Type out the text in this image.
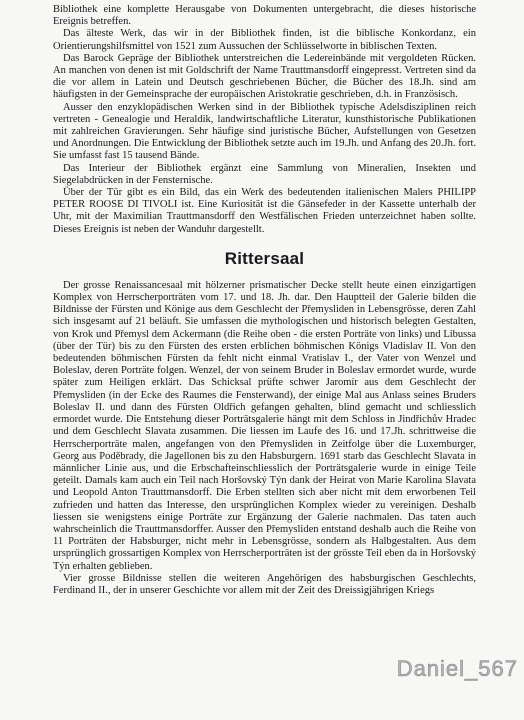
Bibliothek eine komplette Herausgabe von Dokumenten untergebracht, die dieses historische Ereignis betreffen.

Das älteste Werk, das wir in der Bibliothek finden, ist die biblische Konkordanz, ein Orientierungshilfsmittel von 1521 zum Aussuchen der Schlüsselworte in biblischen Texten.

Das Barock Gepräge der Bibliothek unterstreichen die Ledereinbände mit vergoldeten Rücken. An manchen von denen ist mit Goldschrift der Name Trauttmansdorff eingepresst. Vertreten sind da die vor allem in Latein und Deutsch geschriebenen Bücher, die Bücher des 18.Jh. sind am häufigsten in der Gemeinsprache der europäischen Aristokratie geschrieben, d.h. in Französisch.

Ausser den enzyklopädischen Werken sind in der Bibliothek typische Adelsdisziplinen reich vertreten - Genealogie und Heraldik, landwirtschaftliche Literatur, kunsthistorische Publikationen mit zahlreichen Gravierungen. Sehr häufige sind juristische Bücher, Aufstellungen von Gesetzen und Anordnungen. Die Entwicklung der Bibliothek setzte auch im 19.Jh. und Anfang des 20.Jh. fort. Sie umfasst fast 15 tausend Bände.

Das Interieur der Bibliothek ergänzt eine Sammlung von Mineralien, Insekten und Siegelabdrücken in der Fensternische.

Über der Tür gibt es ein Bild, das ein Werk des bedeutenden italienischen Malers PHILIPP PETER ROOSE DI TIVOLI ist. Eine Kuriosität ist die Gänsefeder in der Kassette unterhalb der Uhr, mit der Maximilian Trauttmansdorff den Westfälischen Frieden unterzeichnet haben sollte. Dieses Ereignis ist neben der Wanduhr dargestellt.

Rittersaal

Der grosse Renaissancesaal mit hölzerner prismatischer Decke stellt heute einen einzigartigen Komplex von Herrscherporträten vom 17. und 18. Jh. dar. Den Hauptteil der Galerie bilden die Bildnisse der Fürsten und Könige aus dem Geschlecht der Přemysliden in Lebensgrösse, deren Zahl sich insgesamt auf 21 beläuft. Sie umfassen die mythologischen und historisch belegten Gestalten, von Krok und Přemysl dem Ackermann (die Reihe oben - die ersten Porträte von links) und Libussa (über der Tür) bis zu den Fürsten des ersten erblichen böhmischen Königs Vladislav II. Von den bedeutenden böhmischen Fürsten da fehlt nicht einmal Vratislav I., der Vater von Wenzel und Boleslav, deren Porträte folgen. Wenzel, der von seinem Bruder in Boleslav ermordet wurde, wurde später zum Heiligen erklärt. Das Schicksal prüfte schwer Jaromír aus dem Geschlecht der Přemysliden (in der Ecke des Raumes die Fensterwand), der einige Mal aus Anlass seines Bruders Boleslav II. und dann des Fürsten Oldřich gefangen gehalten, blind gemacht und schliesslich ermordet wurde. Die Entstehung dieser Porträtsgalerie hängt mit dem Schloss in Jindřichův Hradec und dem Geschlecht Slavata zusammen. Die liessen im Laufe des 16. und 17.Jh. schrittweise die Herrscherporträte malen, angefangen von den Přemysliden in Zeitfolge über die Luxemburger, Georg aus Poděbrady, die Jagellonen bis zu den Habsburgern. 1691 starb das Geschlecht Slavata in männlicher Linie aus, und die Erbschafteinschliesslich der Porträtsgalerie wurde in einige Teile geteilt. Damals kam auch ein Teil nach Horšovský Týn dank der Heirat von Marie Karolina Slavata und Leopold Anton Trauttmansdorff. Die Erben stellten sich aber nicht mit dem erworbenen Teil zufrieden und hatten das Interesse, den ursprünglichen Komplex wieder zu vereinigen. Deshalb liessen sie wenigstens einige Porträte zur Ergänzung der Galerie nachmalen. Das taten auch wahrscheinlich die Trauttmansdorffer. Ausser den Přemysliden entstand deshalb auch die Reihe von 11 Porträten der Habsburger, nicht mehr in Lebensgrösse, sondern als Halbgestalten. Aus dem ursprünglich grossartigen Komplex von Herrscherporträten ist der grösste Teil eben da in Horšovský Týn erhalten geblieben.

Vier grosse Bildnisse stellen die weiteren Angehörigen des habsburgischen Geschlechts, Ferdinand II., der in unserer Geschichte vor allem mit der Zeit des Dreissigjährigen Kriegs

Daniel_567
